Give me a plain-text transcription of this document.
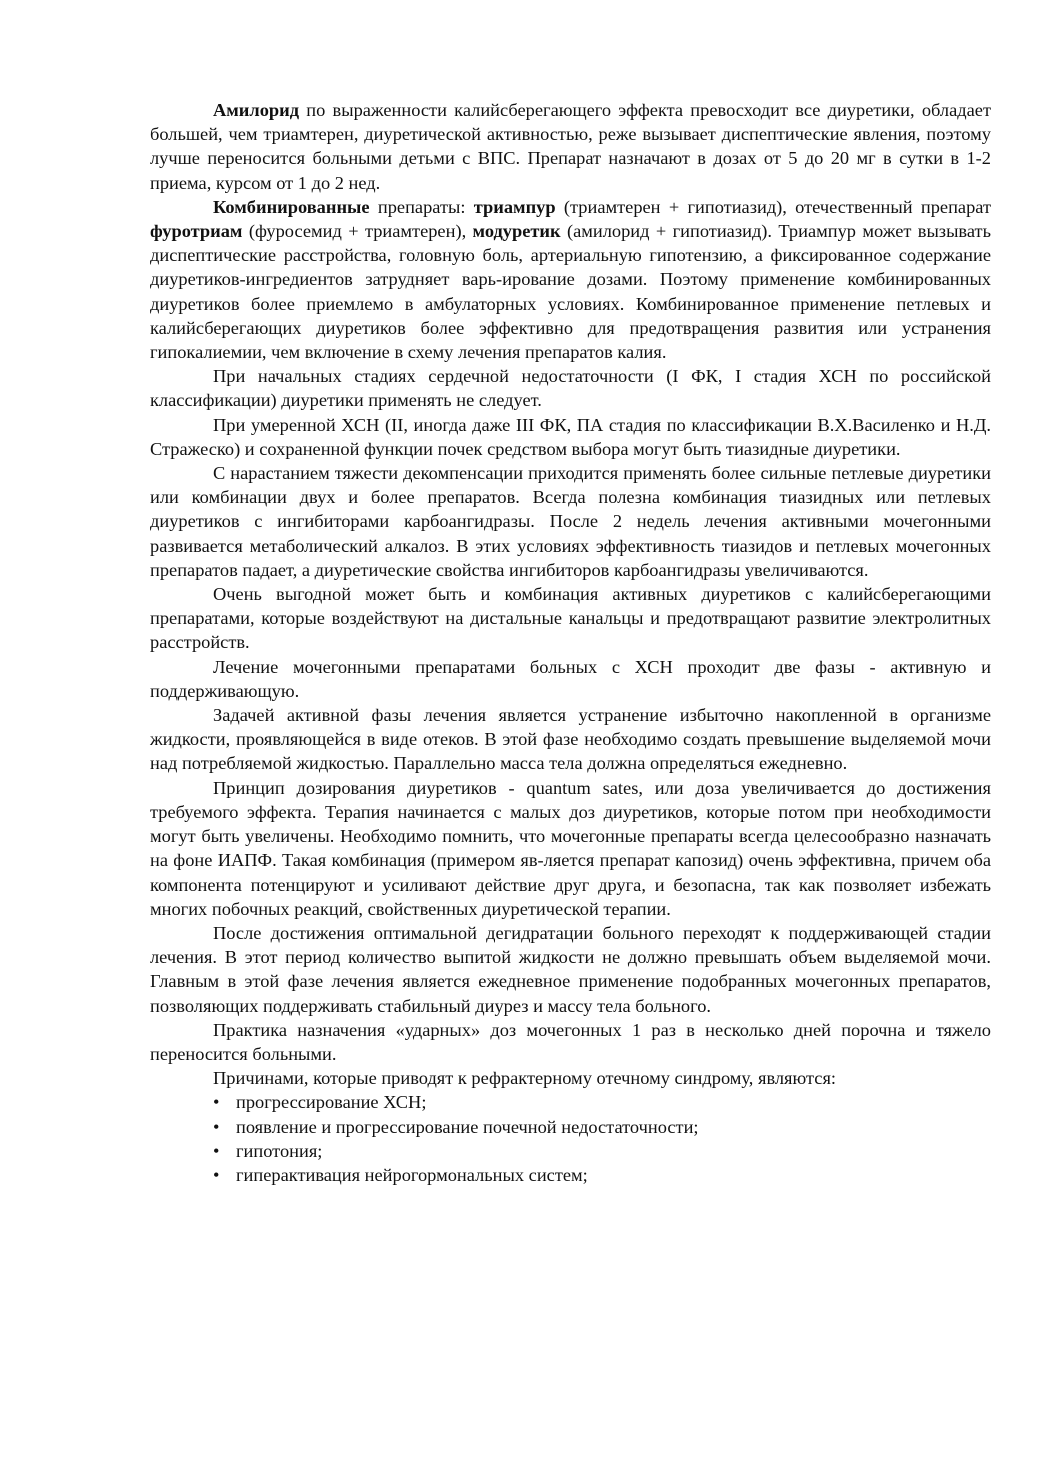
Амилорид по выраженности калийсберегающего эффекта превосходит все диуретики, обладает большей, чем триамтерен, диуретической активностью, реже вызывает диспептические явления, поэтому лучше переносится больными детьми с ВПС. Препарат назначают в дозах от 5 до 20 мг в сутки в 1-2 приема, курсом от 1 до 2 нед.

Комбинированные препараты: триампур (триамтерен + гипотиазид), отечественный препарат фуротриам (фуросемид + триамтерен), модуретик (амилорид + гипотиазид). Триампур может вызывать диспептические расстройства, головную боль, артериальную гипотензию, а фиксированное содержание диуретиков-ингредиентов затрудняет варь-ирование дозами. Поэтому применение комбинированных диуретиков более приемлемо в амбулаторных условиях. Комбинированное применение петлевых и калийсберегающих диуретиков более эффективно для предотвращения развития или устранения гипокалиемии, чем включение в схему лечения препаратов калия.

При начальных стадиях сердечной недостаточности (I ФК, I стадия ХСН по российской классификации) диуретики применять не следует.

При умеренной ХСН (II, иногда даже III ФК, ПА стадия по классификации В.Х.Василенко и Н.Д. Стражеско) и сохраненной функции почек средством выбора могут быть тиазидные диуретики.

С нарастанием тяжести декомпенсации приходится применять более сильные петлевые диуретики или комбинации двух и более препаратов. Всегда полезна комбинация тиазидных или петлевых диуретиков с ингибиторами карбоангидразы. После 2 недель лечения активными мочегонными развивается метаболический алкалоз. В этих условиях эффективность тиазидов и петлевых мочегонных препаратов падает, а диуретические свойства ингибиторов карбоангидразы увеличиваются.

Очень выгодной может быть и комбинация активных диуретиков с калийсберегающими препаратами, которые воздействуют на дистальные канальцы и предотвращают развитие электролитных расстройств.

Лечение мочегонными препаратами больных с ХСН проходит две фазы - активную и поддерживающую.

Задачей активной фазы лечения является устранение избыточно накопленной в организме жидкости, проявляющейся в виде отеков. В этой фазе необходимо создать превышение выделяемой мочи над потребляемой жидкостью. Параллельно масса тела должна определяться ежедневно.

Принцип дозирования диуретиков - quantum sates, или доза увеличивается до достижения требуемого эффекта. Терапия начинается с малых доз диуретиков, которые потом при необходимости могут быть увеличены. Необходимо помнить, что мочегонные препараты всегда целесообразно назначать на фоне ИАПФ. Такая комбинация (примером яв-ляется препарат капозид) очень эффективна, причем оба компонента потенцируют и усиливают действие друг друга, и безопасна, так как позволяет избежать многих побочных реакций, свойственных диуретической терапии.

После достижения оптимальной дегидратации больного переходят к поддерживающей стадии лечения. В этот период количество выпитой жидкости не должно превышать объем выделяемой мочи. Главным в этой фазе лечения является ежедневное применение подобранных мочегонных препаратов, позволяющих поддерживать стабильный диурез и массу тела больного.

Практика назначения «ударных» доз мочегонных 1 раз в несколько дней порочна и тяжело переносится больными.

Причинами, которые приводят к рефрактерному отечному синдрому, являются:

• прогрессирование ХСН;
• появление и прогрессирование почечной недостаточности;
• гипотония;
• гиперактивация нейрогормональных систем;
